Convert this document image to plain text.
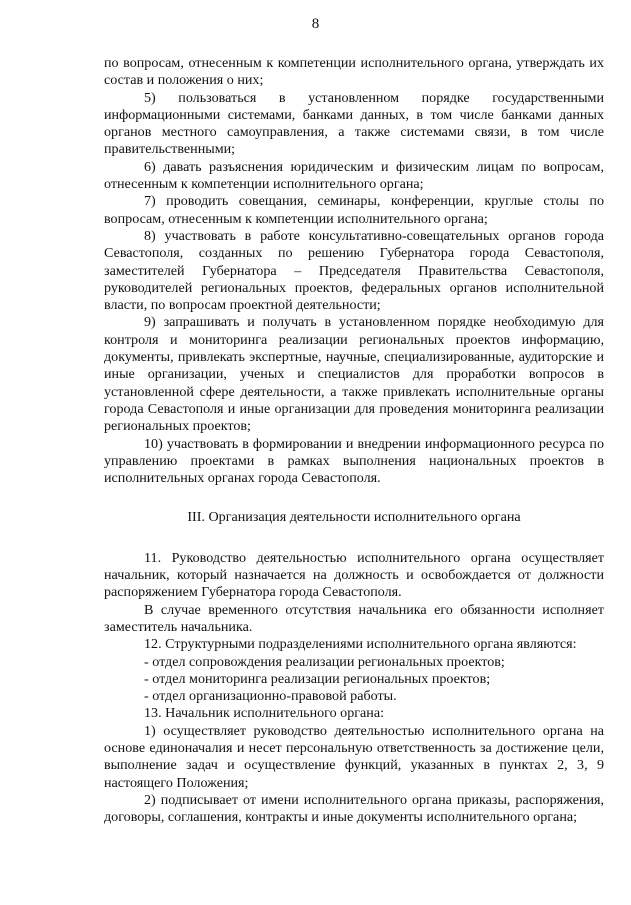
8

по вопросам, отнесенным к компетенции исполнительного органа, утверждать их состав и положения о них;

5) пользоваться в установленном порядке государственными информационными системами, банками данных, в том числе банками данных органов местного самоуправления, а также системами связи, в том числе правительственными;

6) давать разъяснения юридическим и физическим лицам по вопросам, отнесенным к компетенции исполнительного органа;

7) проводить совещания, семинары, конференции, круглые столы по вопросам, отнесенным к компетенции исполнительного органа;

8) участвовать в работе консультативно-совещательных органов города Севастополя, созданных по решению Губернатора города Севастополя, заместителей Губернатора – Председателя Правительства Севастополя, руководителей региональных проектов, федеральных органов исполнительной власти, по вопросам проектной деятельности;

9) запрашивать и получать в установленном порядке необходимую для контроля и мониторинга реализации региональных проектов информацию, документы, привлекать экспертные, научные, специализированные, аудиторские и иные организации, ученых и специалистов для проработки вопросов в установленной сфере деятельности, а также привлекать исполнительные органы города Севастополя и иные организации для проведения мониторинга реализации региональных проектов;

10) участвовать в формировании и внедрении информационного ресурса по управлению проектами в рамках выполнения национальных проектов в исполнительных органах города Севастополя.

III. Организация деятельности исполнительного органа

11. Руководство деятельностью исполнительного органа осуществляет начальник, который назначается на должность и освобождается от должности распоряжением Губернатора города Севастополя.

В случае временного отсутствия начальника его обязанности исполняет заместитель начальника.

12. Структурными подразделениями исполнительного органа являются:

- отдел сопровождения реализации региональных проектов;

- отдел мониторинга реализации региональных проектов;

- отдел организационно-правовой работы.

13. Начальник исполнительного органа:

1) осуществляет руководство деятельностью исполнительного органа на основе единоначалия и несет персональную ответственность за достижение цели, выполнение задач и осуществление функций, указанных в пунктах 2, 3, 9 настоящего Положения;

2) подписывает от имени исполнительного органа приказы, распоряжения, договоры, соглашения, контракты и иные документы исполнительного органа;
